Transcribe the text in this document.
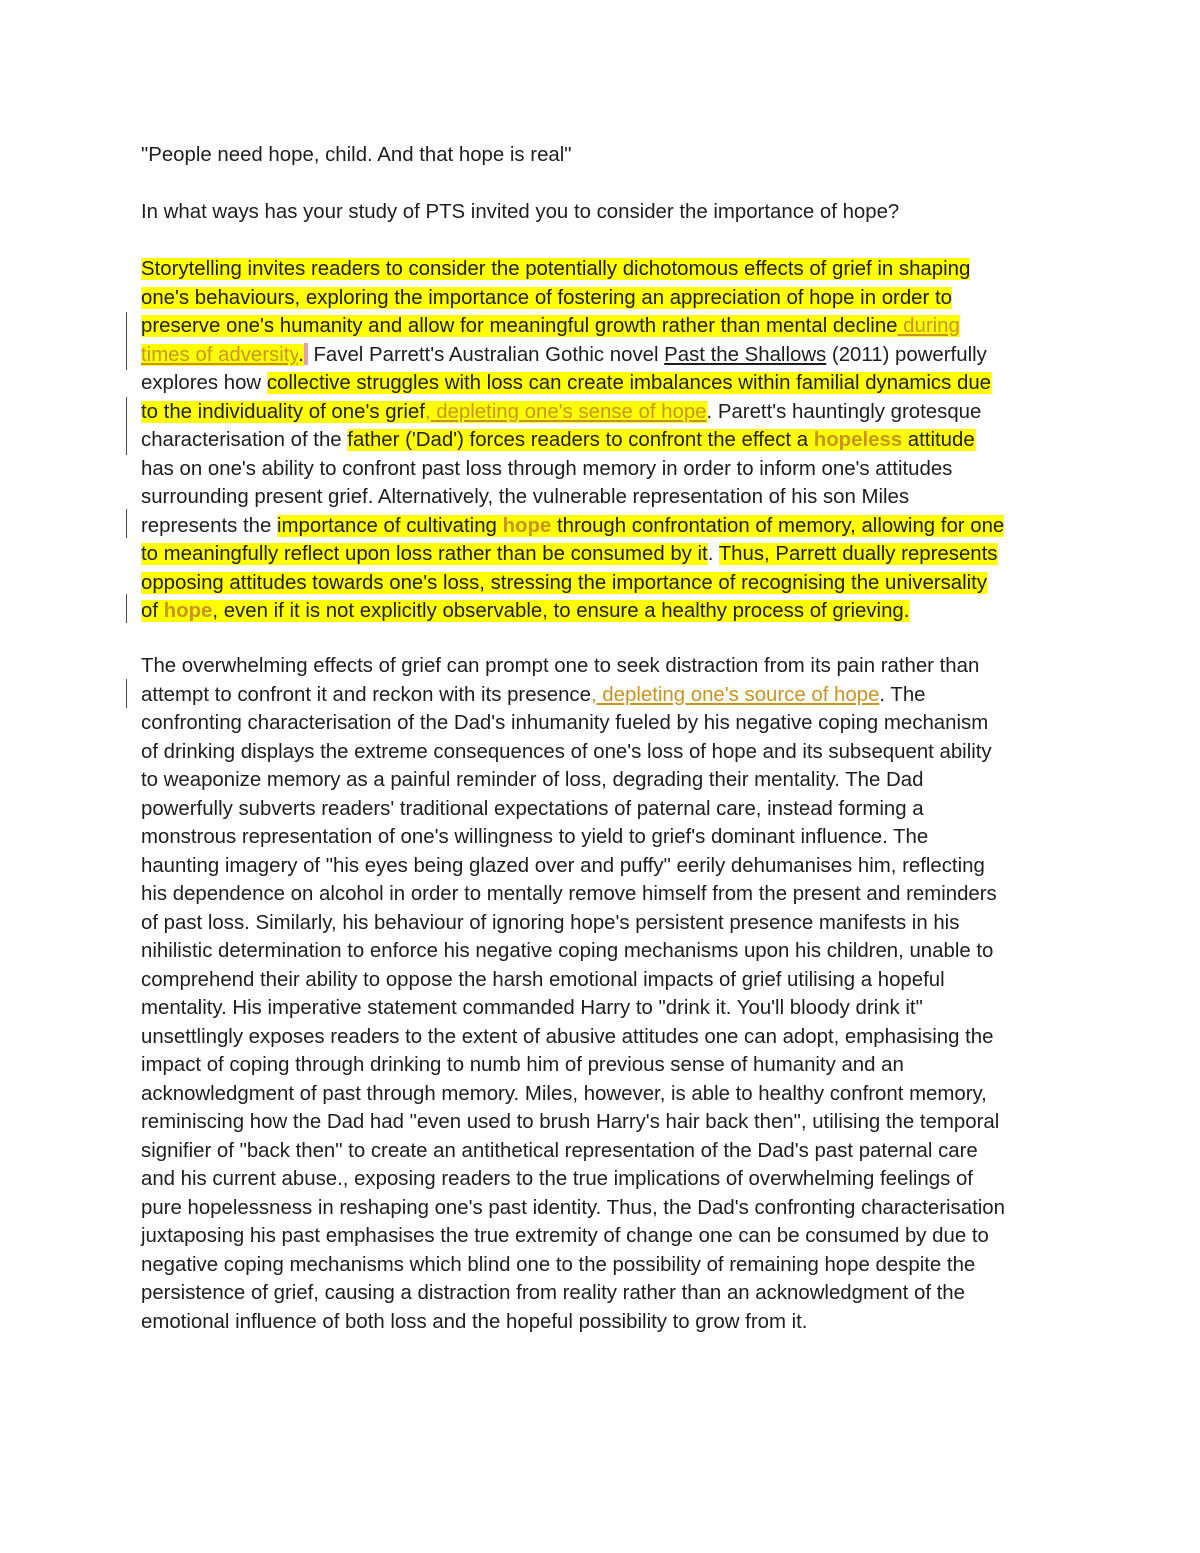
"People need hope, child. And that hope is real"

In what ways has your study of PTS invited you to consider the importance of hope?

Storytelling invites readers to consider the potentially dichotomous effects of grief in shaping
one's behaviours, exploring the importance of fostering an appreciation of hope in order to
preserve one's humanity and allow for meaningful growth rather than mental decline during
times of adversity. Favel Parrett's Australian Gothic novel Past the Shallows (2011) powerfully
explores how collective struggles with loss can create imbalances within familial dynamics due
to the individuality of one's grief, depleting one's sense of hope. Parett's hauntingly grotesque
characterisation of the father ('Dad') forces readers to confront the effect a hopeless attitude
has on one's ability to confront past loss through memory in order to inform one's attitudes
surrounding present grief. Alternatively, the vulnerable representation of his son Miles
represents the importance of cultivating hope through confrontation of memory, allowing for one
to meaningfully reflect upon loss rather than be consumed by it. Thus, Parrett dually represents
opposing attitudes towards one's loss, stressing the importance of recognising the universality
of hope, even if it is not explicitly observable, to ensure a healthy process of grieving.
The overwhelming effects of grief can prompt one to seek distraction from its pain rather than
attempt to confront it and reckon with its presence, depleting one's source of hope. The
confronting characterisation of the Dad's inhumanity fueled by his negative coping mechanism
of drinking displays the extreme consequences of one's loss of hope and its subsequent ability
to weaponize memory as a painful reminder of loss, degrading their mentality. The Dad
powerfully subverts readers' traditional expectations of paternal care, instead forming a
monstrous representation of one's willingness to yield to grief's dominant influence. The
haunting imagery of "his eyes being glazed over and puffy" eerily dehumanises him, reflecting
his dependence on alcohol in order to mentally remove himself from the present and reminders
of past loss. Similarly, his behaviour of ignoring hope's persistent presence manifests in his
nihilistic determination to enforce his negative coping mechanisms upon his children, unable to
comprehend their ability to oppose the harsh emotional impacts of grief utilising a hopeful
mentality. His imperative statement commanded Harry to "drink it. You'll bloody drink it"
unsettlingly exposes readers to the extent of abusive attitudes one can adopt, emphasising the
impact of coping through drinking to numb him of previous sense of humanity and an
acknowledgment of past through memory. Miles, however, is able to healthy confront memory,
reminiscing how the Dad had "even used to brush Harry's hair back then", utilising the temporal
signifier of "back then" to create an antithetical representation of the Dad's past paternal care
and his current abuse., exposing readers to the true implications of overwhelming feelings of
pure hopelessness in reshaping one's past identity. Thus, the Dad's confronting characterisation
juxtaposing his past emphasises the true extremity of change one can be consumed by due to
negative coping mechanisms which blind one to the possibility of remaining hope despite the
persistence of grief, causing a distraction from reality rather than an acknowledgment of the
emotional influence of both loss and the hopeful possibility to grow from it.
